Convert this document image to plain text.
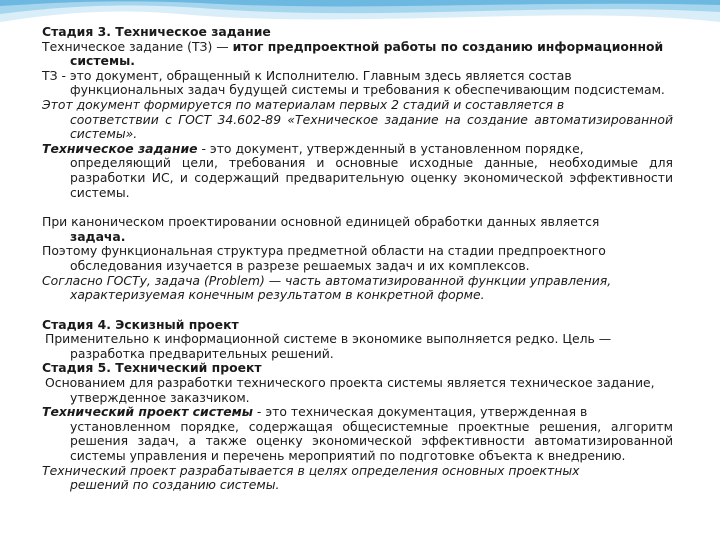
Стадия 3. Техническое задание
Техническое задание (ТЗ) — итог предпроектной работы по созданию информационной
системы.
ТЗ - это документ, обращенный к Исполнителю. Главным здесь является состав
функциональных задач будущей системы и требования к обеспечивающим подсистемам.
Этот документ формируется по материалам первых 2 стадий и составляется в
соответствии с ГОСТ 34.602-89 «Техническое задание на создание автоматизированной системы».
Техническое задание - это документ, утвержденный в установленном порядке,
определяющий цели, требования и основные исходные данные, необходимые для разработки ИС, и содержащий предварительную оценку экономической эффективности системы.
При каноническом проектировании основной единицей обработки данных является
задача.
Поэтому функциональная структура предметной области на стадии предпроектного
обследования изучается в разрезе решаемых задач и их комплексов.
Согласно ГОСТу, задача (Problem) — часть автоматизированной функции управления,
характеризуемая конечным результатом в конкретной форме.
Стадия 4. Эскизный проект
Применительно к информационной системе в экономике выполняется редко. Цель —
разработка предварительных решений.
Стадия 5. Технический проект
Основанием для разработки технического проекта системы является техническое задание,
утвержденное заказчиком.
Технический проект системы - это техническая документация, утвержденная в
установленном порядке, содержащая общесистемные проектные решения, алгоритм решения задач, а также оценку экономической эффективности автоматизированной системы управления и перечень мероприятий по подготовке объекта к внедрению.
Технический проект разрабатывается в целях определения основных проектных
решений по созданию системы.
